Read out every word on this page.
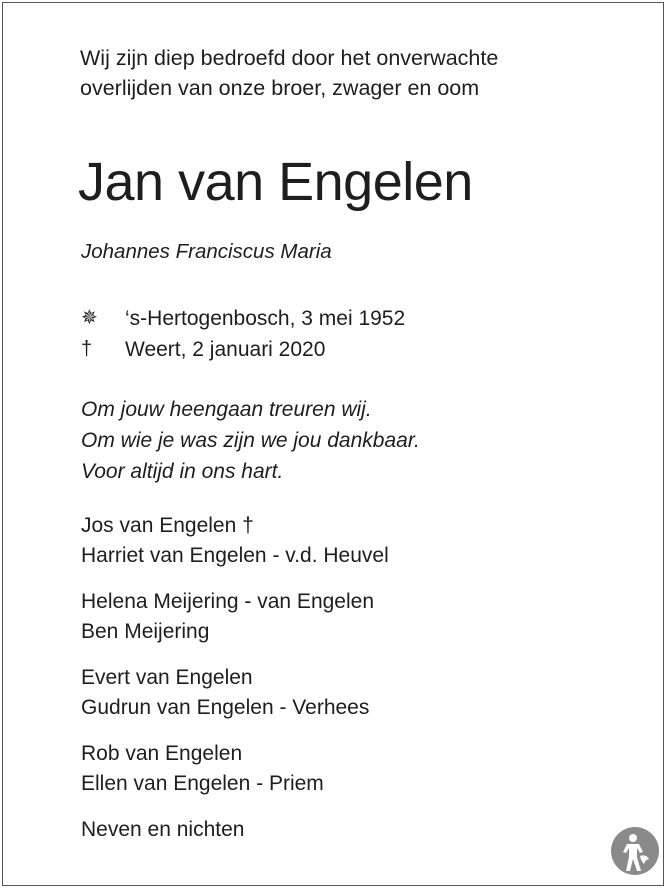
Wij zijn diep bedroefd door het onverwachte
overlijden van onze broer, zwager en oom
Jan van Engelen
Johannes Franciscus Maria
✵	‘s-Hertogenbosch, 3 mei 1952
†	Weert, 2 januari 2020
Om jouw heengaan treuren wij.
Om wie je was zijn we jou dankbaar.
Voor altijd in ons hart.
Jos van Engelen †
Harriet van Engelen - v.d. Heuvel
Helena Meijering - van Engelen
Ben Meijering
Evert van Engelen
Gudrun van Engelen - Verhees
Rob van Engelen
Ellen van Engelen - Priem
Neven en nichten
